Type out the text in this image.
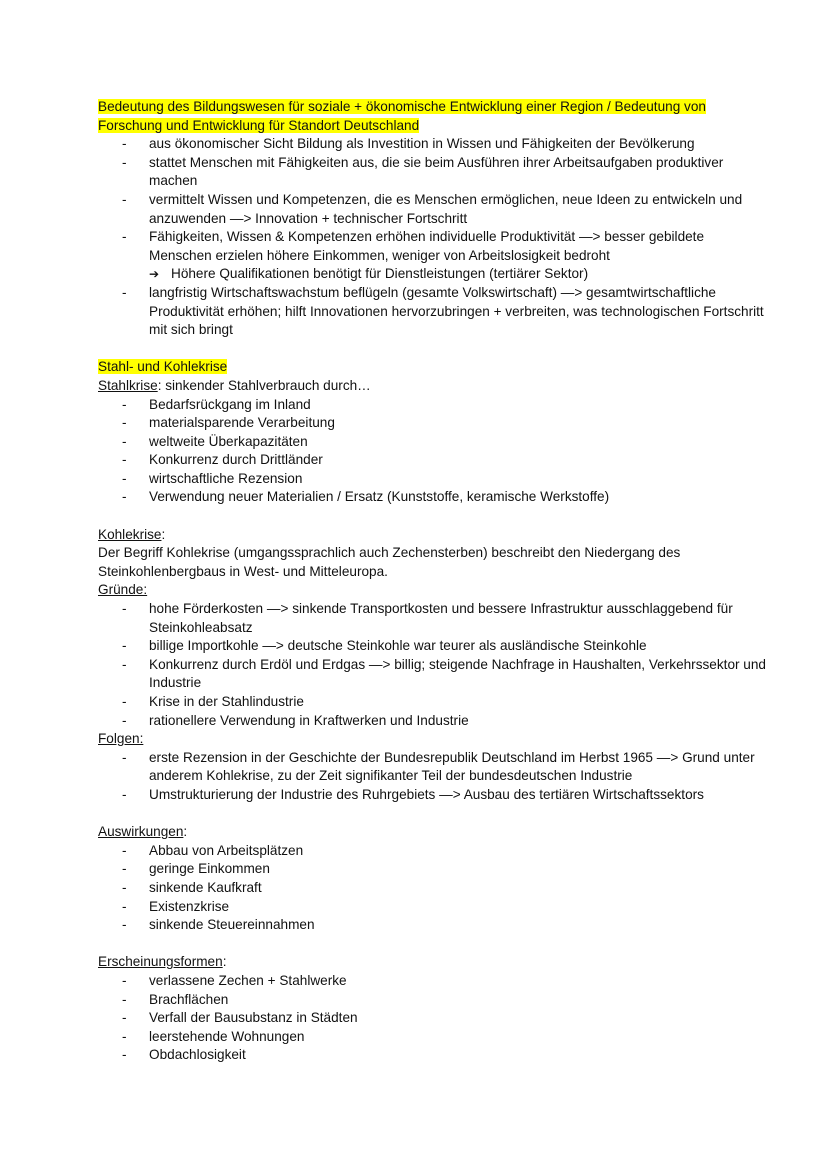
Bedeutung des Bildungswesen für soziale + ökonomische Entwicklung einer Region / Bedeutung von Forschung und Entwicklung für Standort Deutschland

- aus ökonomischer Sicht Bildung als Investition in Wissen und Fähigkeiten der Bevölkerung
- stattet Menschen mit Fähigkeiten aus, die sie beim Ausführen ihrer Arbeitsaufgaben produktiver machen
- vermittelt Wissen und Kompetenzen, die es Menschen ermöglichen, neue Ideen zu entwickeln und anzuwenden —> Innovation + technischer Fortschritt
- Fähigkeiten, Wissen & Kompetenzen erhöhen individuelle Produktivität —> besser gebildete Menschen erzielen höhere Einkommen, weniger von Arbeitslosigkeit bedroht
➔ Höhere Qualifikationen benötigt für Dienstleistungen (tertiärer Sektor)
- langfristig Wirtschaftswachstum beflügeln (gesamte Volkswirtschaft) —> gesamtwirtschaftliche Produktivität erhöhen; hilft Innovationen hervorzubringen + verbreiten, was technologischen Fortschritt mit sich bringt

Stahl- und Kohlekrise

Stahlkrise: sinkender Stahlverbrauch durch…

- Bedarfsrückgang im Inland
- materialsparende Verarbeitung
- weltweite Überkapazitäten
- Konkurrenz durch Drittländer
- wirtschaftliche Rezension
- Verwendung neuer Materialien / Ersatz (Kunststoffe, keramische Werkstoffe)

Kohlekrise:

Der Begriff Kohlekrise (umgangssprachlich auch Zechensterben) beschreibt den Niedergang des Steinkohlenbergbaus in West- und Mitteleuropa.

Gründe:

- hohe Förderkosten —> sinkende Transportkosten und bessere Infrastruktur ausschlaggebend für Steinkohleabsatz
- billige Importkohle —> deutsche Steinkohle war teurer als ausländische Steinkohle
- Konkurrenz durch Erdöl und Erdgas —> billig; steigende Nachfrage in Haushalten, Verkehrssektor und Industrie
- Krise in der Stahlindustrie
- rationellere Verwendung in Kraftwerken und Industrie

Folgen:

- erste Rezension in der Geschichte der Bundesrepublik Deutschland im Herbst 1965 —> Grund unter anderem Kohlekrise, zu der Zeit signifikanter Teil der bundesdeutschen Industrie
- Umstrukturierung der Industrie des Ruhrgebiets —> Ausbau des tertiären Wirtschaftssektors

Auswirkungen:

- Abbau von Arbeitsplätzen
- geringe Einkommen
- sinkende Kaufkraft
- Existenzkrise
- sinkende Steuereinnahmen

Erscheinungsformen:

- verlassene Zechen + Stahlwerke
- Brachflächen
- Verfall der Bausubstanz in Städten
- leerstehende Wohnungen
- Obdachlosigkeit
